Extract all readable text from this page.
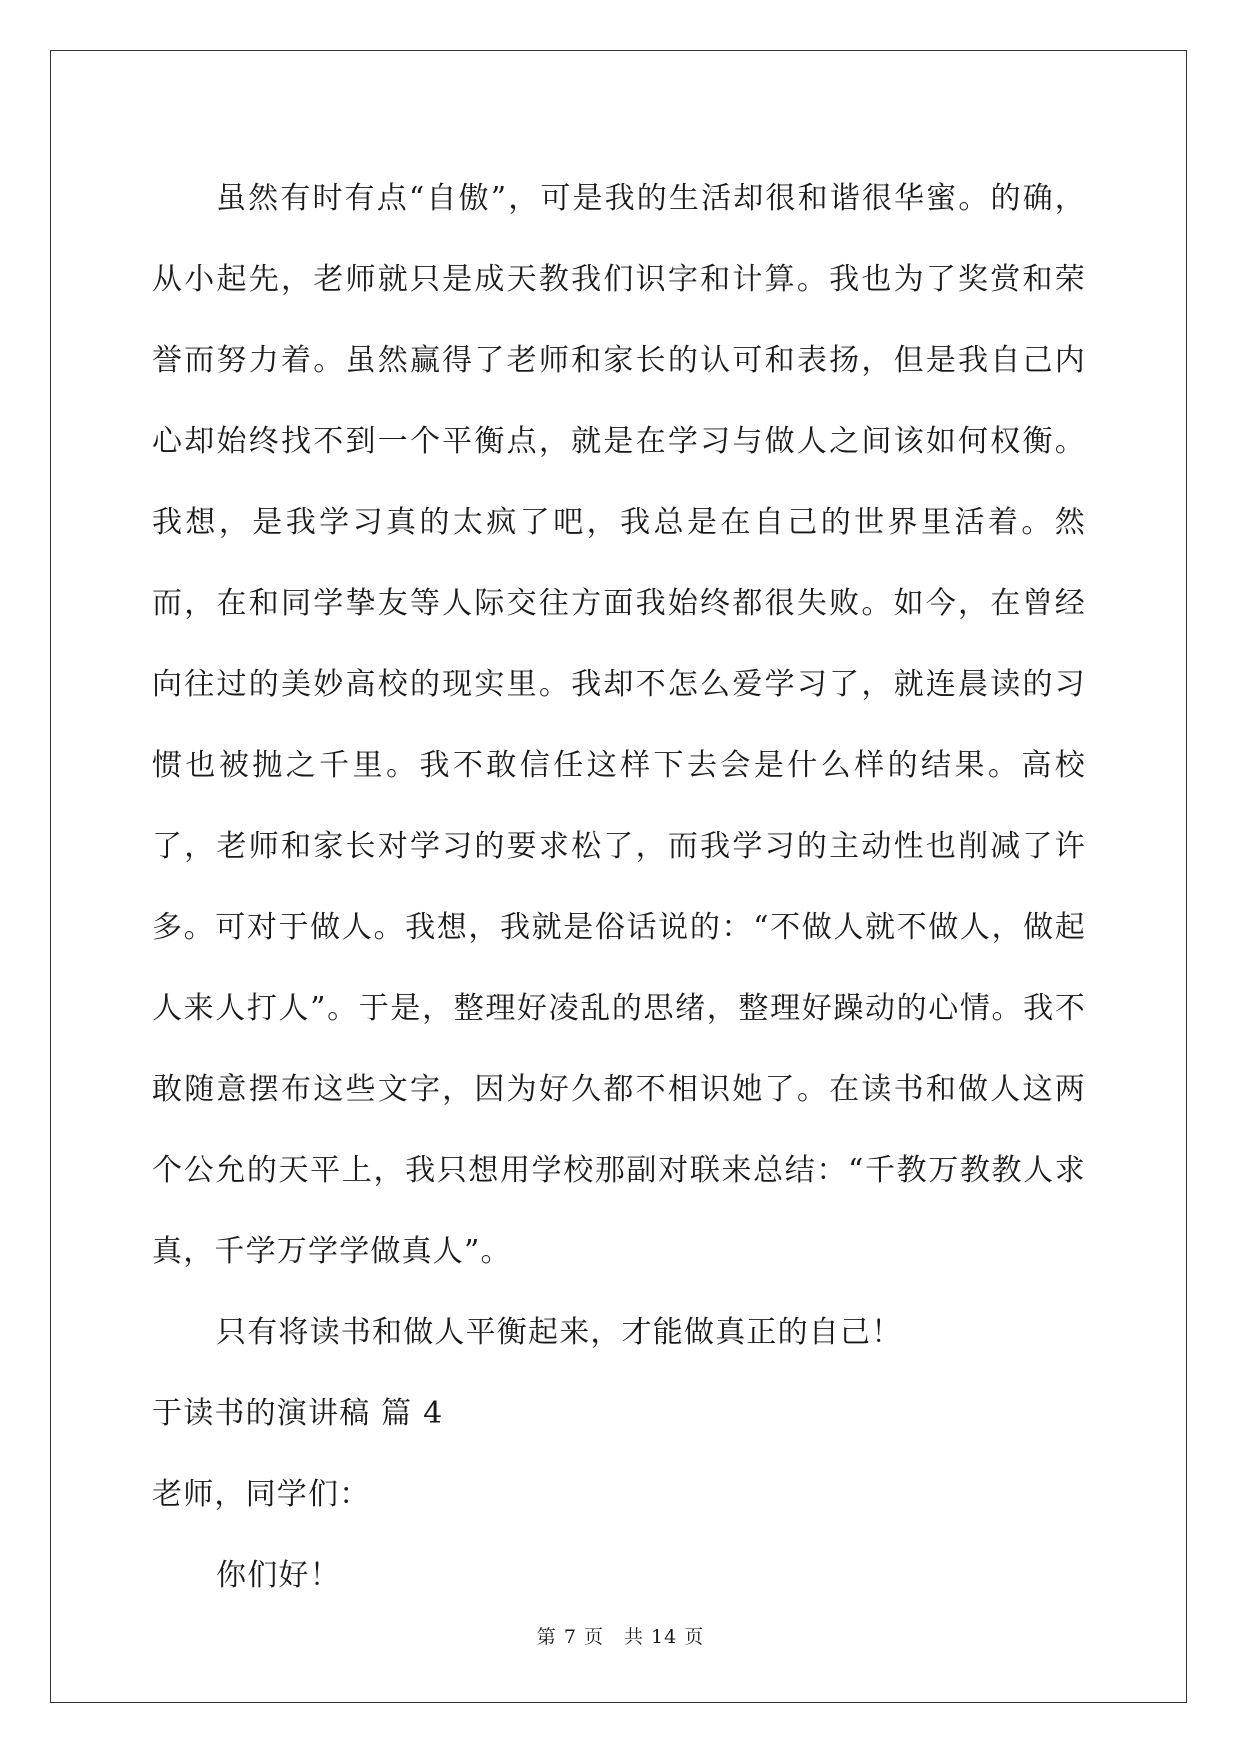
虽然有时有点“自傲”，可是我的生活却很和谐很华蜜。的确，从小起先，老师就只是成天教我们识字和计算。我也为了奖赏和荣誉而努力着。虽然赢得了老师和家长的认可和表扬，但是我自己内心却始终找不到一个平衡点，就是在学习与做人之间该如何权衡。我想，是我学习真的太疯了吧，我总是在自己的世界里活着。然而，在和同学挚友等人际交往方面我始终都很失败。如今，在曾经向往过的美妙高校的现实里。我却不怎么爱学习了，就连晨读的习惯也被抛之千里。我不敢信任这样下去会是什么样的结果。高校了，老师和家长对学习的要求松了，而我学习的主动性也削减了许多。可对于做人。我想，我就是俗话说的：“不做人就不做人，做起人来人打人”。于是，整理好凌乱的思绪，整理好躁动的心情。我不敢随意摆布这些文字，因为好久都不相识她了。在读书和做人这两个公允的天平上，我只想用学校那副对联来总结：“千教万教教人求真，千学万学学做真人”。

只有将读书和做人平衡起来，才能做真正的自己！

于读书的演讲稿 篇 4

老师，同学们：

你们好！

第 7 页　共 14 页
